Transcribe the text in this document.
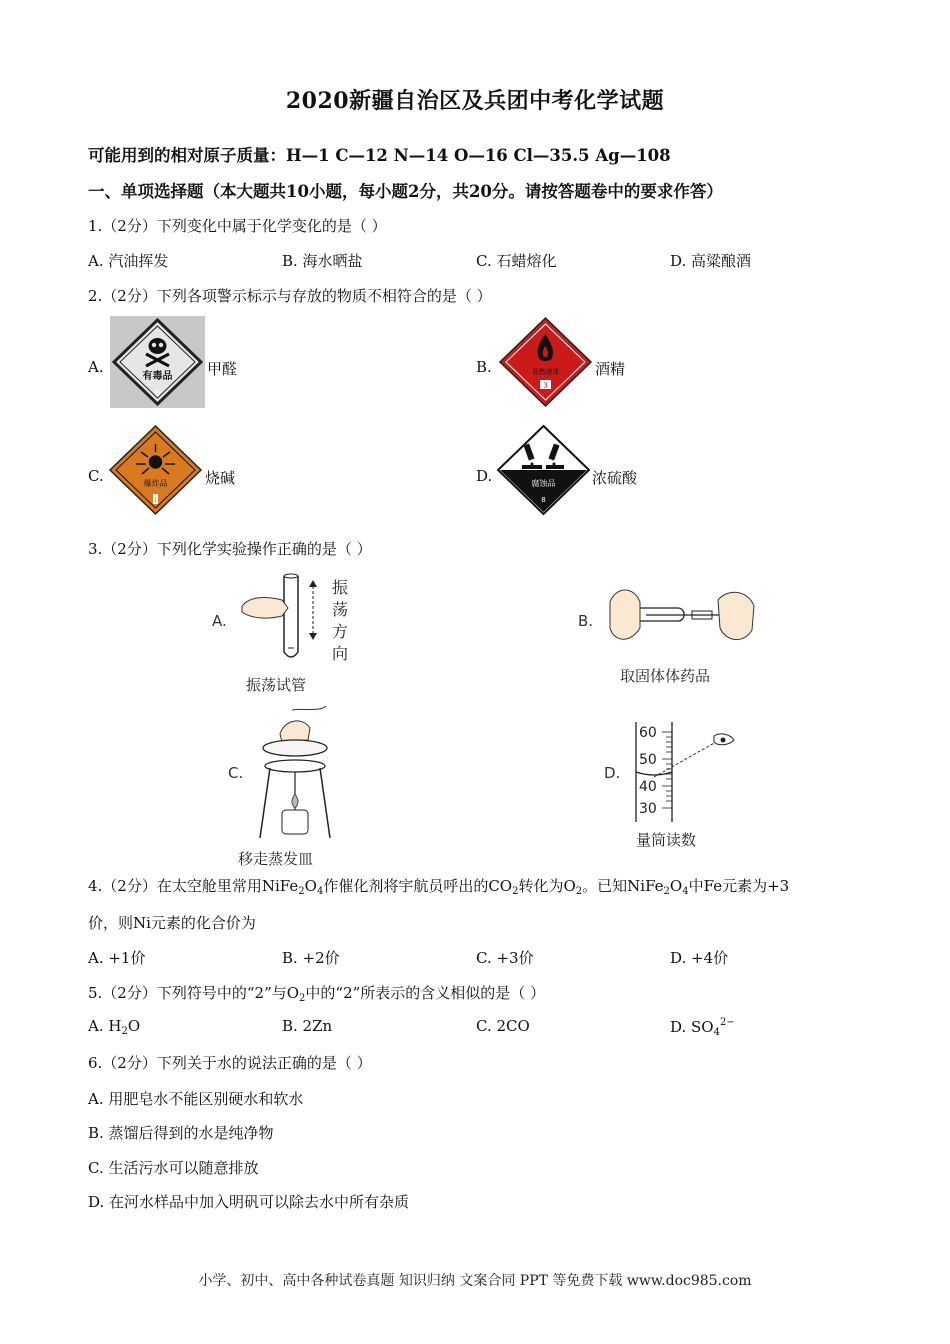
2020新疆自治区及兵团中考化学试题
可能用到的相对原子质量：H—1 C—12 N—14 O—16 Cl—35.5 Ag—108
一、单项选择题（本大题共10小题，每小题2分，共20分。请按答题卷中的要求作答）
1.（2分）下列变化中属于化学变化的是（ ）
A. 汽油挥发	B. 海水晒盐	C. 石蜡熔化	D. 高粱酿酒
2.（2分）下列各项警示标示与存放的物质不相符合的是（ ）
A.
有毒品
6
甲醛	B.	易燃液体
3
酒精
C.	爆炸品
1
烧碱	D.	腐蚀品
8
浓硫酸
3.（2分）下列化学实验操作正确的是（ ）
A.
振
荡
方
向
振荡试管
B.
取固体体药品
C.
移走蒸发皿
D.
60
50
40
30
量筒读数
4.（2分）在太空舱里常用$NiFe_2O_4$作催化剂将宇航员呼出的$CO_2$转化为$O_2$。已知$NiFe_2O_4$中Fe元素为+3
价，则Ni元素的化合价为
A. +1价	B. +2价	C. +3价	D. +4价
5.（2分）下列符号中的“2”与$O_2$中的“2”所表示的含义相似的是（ ）
A. $H_2O$	B. 2Zn	C. 2CO	D. $SO_4^{2-}$
6.（2分）下列关于水的说法正确的是（ ）
A. 用肥皂水不能区别硬水和软水
B. 蒸馏后得到的水是纯净物
C. 生活污水可以随意排放
D. 在河水样品中加入明矾可以除去水中所有杂质
小学、初中、高中各种试卷真题 知识归纳 文案合同 PPT 等免费下载 www.doc985.com
